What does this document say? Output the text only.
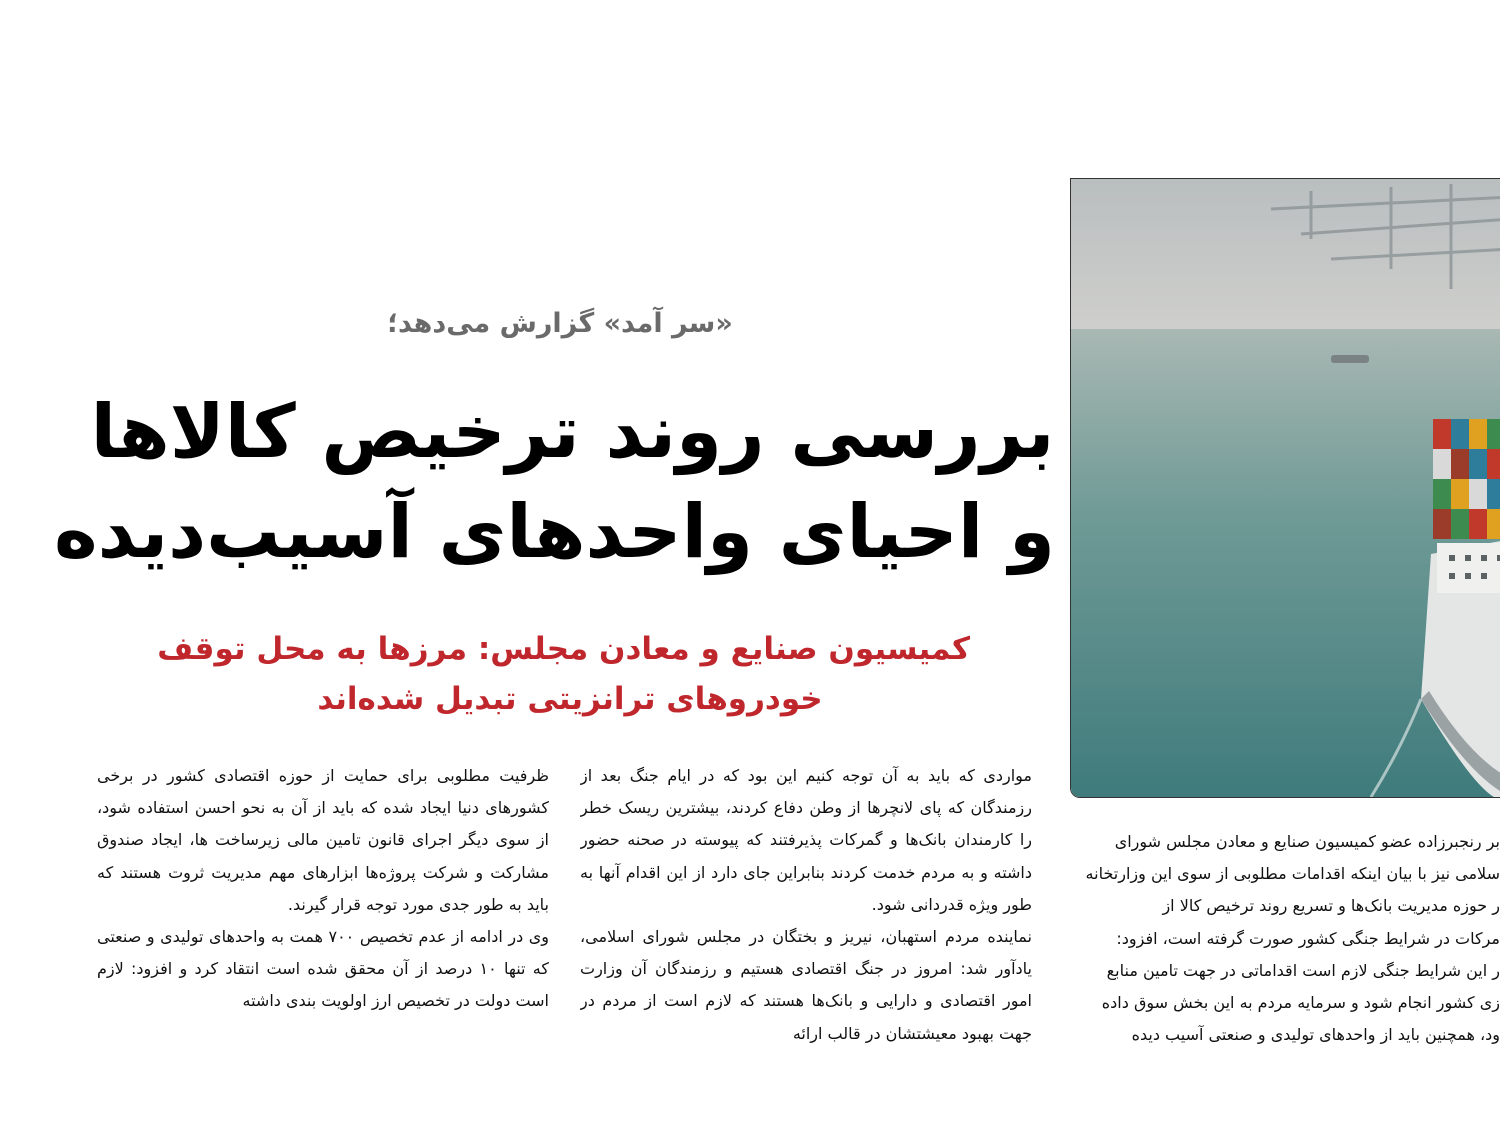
«سر آمد» گزارش می‌دهد؛
بررسی روند ترخیص کالاها
و احیای واحدهای آسیب‌دیده
کمیسیون صنایع و معادن مجلس: مرزها به محل توقف
خودروهای ترانزیتی تبدیل شده‌اند

بر رنجبرزاده عضو کمیسیون صنایع و معادن مجلس شورای

سلامی نیز با بیان اینکه اقدامات مطلوبی از سوی این وزارتخانه

ر حوزه مدیریت بانک‌ها و تسریع روند ترخیص کالا از

مرکات در شرایط جنگی کشور صورت گرفته است، افزود:

ر این شرایط جنگی لازم است اقداماتی در جهت تامین منابع

زی کشور انجام شود و سرمایه مردم به این بخش سوق داده

ود، همچنین باید از واحدهای تولیدی و صنعتی آسیب دیده

مواردی که باید به آن توجه کنیم این بود که در ایام جنگ بعد از رزمندگان که پای لانچرها از وطن دفاع کردند، بیشترین ریسک خطر را کارمندان بانک‌ها و گمرکات پذیرفتند که پیوسته در صحنه حضور داشته و به مردم خدمت کردند بنابراین جای دارد از این اقدام آنها به طور ویژه قدردانی شود.

نماینده مردم استهبان، نیریز و بختگان در مجلس شورای اسلامی، یادآور شد: امروز در جنگ اقتصادی هستیم و رزمندگان آن وزارت امور اقتصادی و دارایی و بانک‌ها هستند که لازم است از مردم در جهت بهبود معیشتشان در قالب ارائه

ظرفیت مطلوبی برای حمایت از حوزه اقتصادی کشور در برخی کشورهای دنیا ایجاد شده که باید از آن به نحو احسن استفاده شود، از سوی دیگر اجرای قانون تامین مالی زیرساخت ها، ایجاد صندوق مشارکت و شرکت پروژه‌ها ابزارهای مهم مدیریت ثروت هستند که باید به طور جدی مورد توجه قرار گیرند.

وی در ادامه از عدم تخصیص ۷۰۰ همت به واحدهای تولیدی و صنعتی که تنها ۱۰ درصد از آن محقق شده است انتقاد کرد و افزود: لازم است دولت در تخصیص ارز اولویت بندی داشته
